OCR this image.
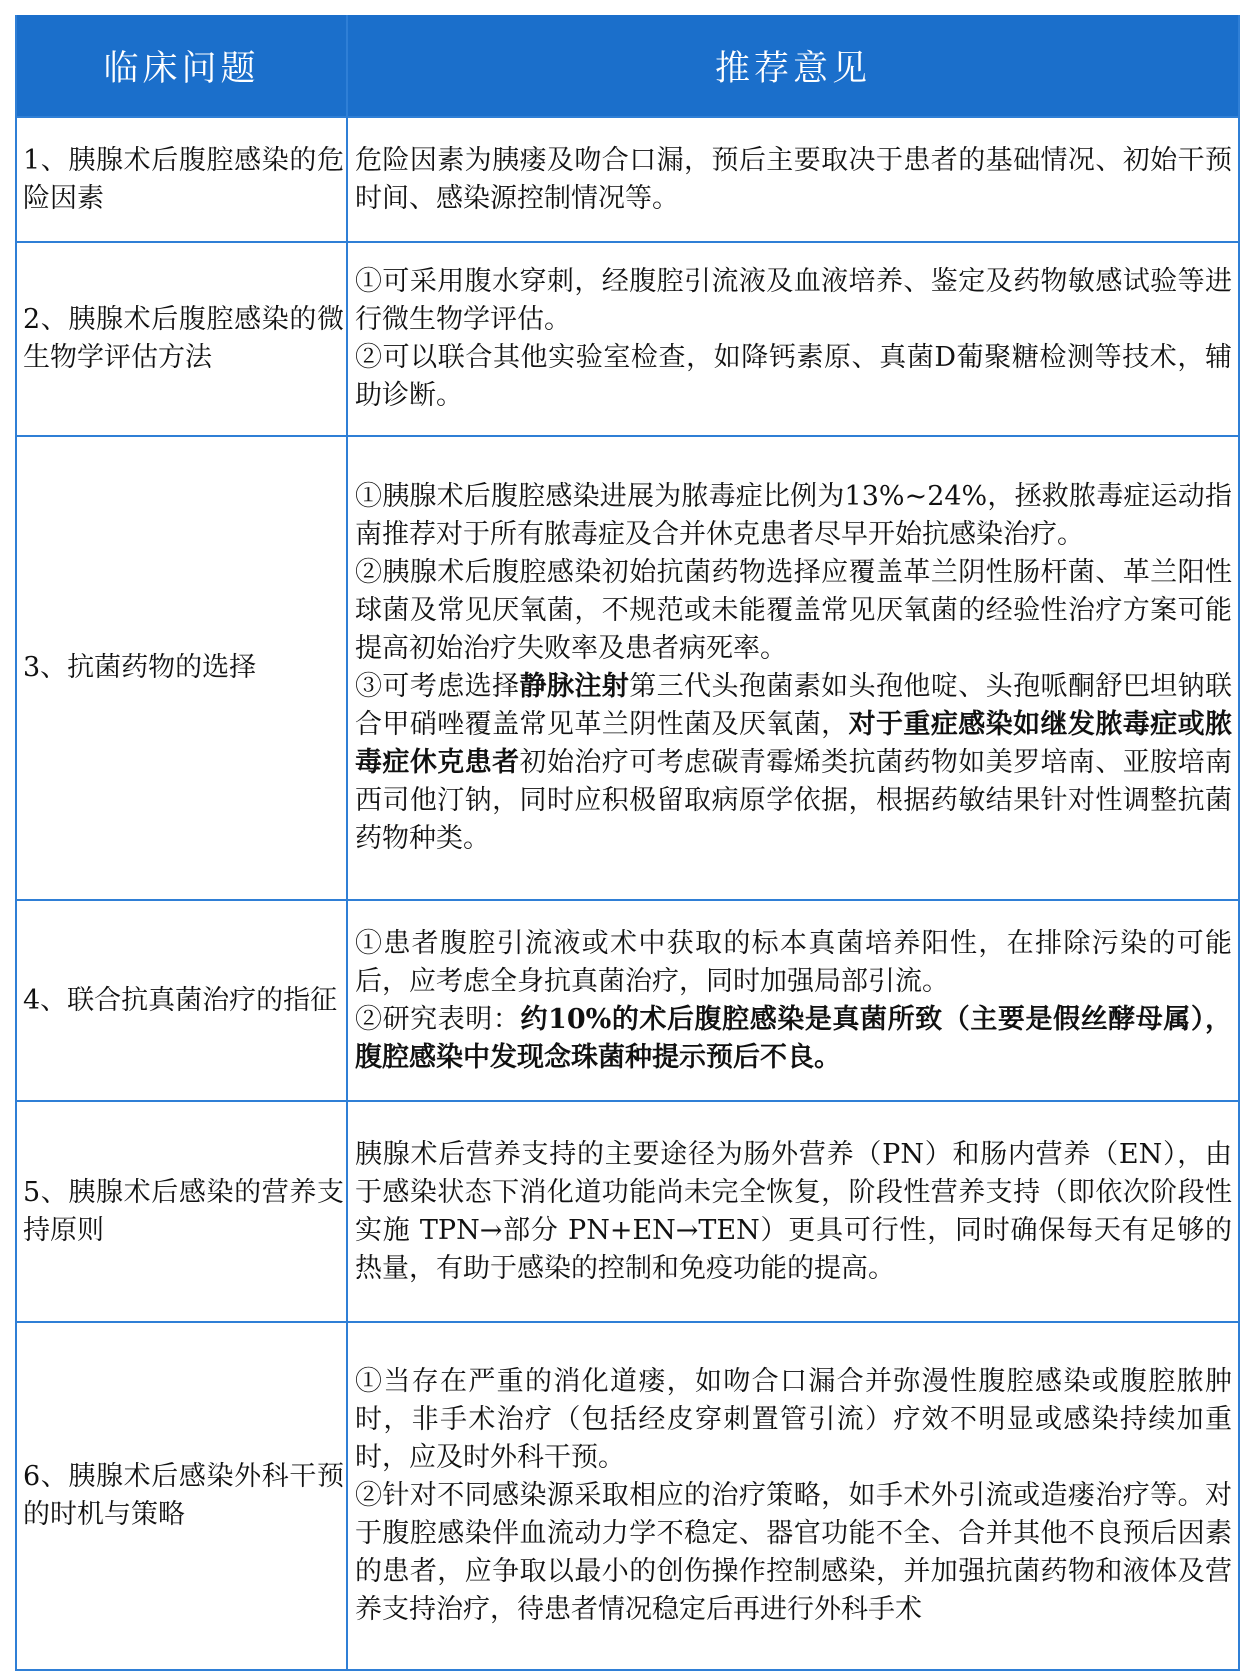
临床问题	推荐意见
1、胰腺术后腹腔感染的危险因素	危险因素为胰瘘及吻合口漏，预后主要取决于患者的基础情况、初始干预时间、感染源控制情况等。

2、胰腺术后腹腔感染的微生物学评估方法	①可采用腹水穿刺，经腹腔引流液及血液培养、鉴定及药物敏感试验等进行微生物学评估。
②可以联合其他实验室检查，如降钙素原、真菌D葡聚糖检测等技术，辅助诊断。

3、抗菌药物的选择	①胰腺术后腹腔感染进展为脓毒症比例为13%~24%，拯救脓毒症运动指南推荐对于所有脓毒症及合并休克患者尽早开始抗感染治疗。
②胰腺术后腹腔感染初始抗菌药物选择应覆盖革兰阴性肠杆菌、革兰阳性球菌及常见厌氧菌，不规范或未能覆盖常见厌氧菌的经验性治疗方案可能提高初始治疗失败率及患者病死率。
③可考虑选择静脉注射第三代头孢菌素如头孢他啶、头孢哌酮舒巴坦钠联合甲硝唑覆盖常见革兰阴性菌及厌氧菌，对于重症感染如继发脓毒症或脓毒症休克患者初始治疗可考虑碳青霉烯类抗菌药物如美罗培南、亚胺培南西司他汀钠，同时应积极留取病原学依据，根据药敏结果针对性调整抗菌药物种类。

4、联合抗真菌治疗的指征	①患者腹腔引流液或术中获取的标本真菌培养阳性，在排除污染的可能后，应考虑全身抗真菌治疗，同时加强局部引流。
②研究表明：约10%的术后腹腔感染是真菌所致（主要是假丝酵母属），腹腔感染中发现念珠菌种提示预后不良。

5、胰腺术后感染的营养支持原则	胰腺术后营养支持的主要途径为肠外营养（PN）和肠内营养（EN），由于感染状态下消化道功能尚未完全恢复，阶段性营养支持（即依次阶段性实施 TPN→部分 PN+EN→TEN）更具可行性，同时确保每天有足够的热量，有助于感染的控制和免疫功能的提高。

6、胰腺术后感染外科干预的时机与策略	①当存在严重的消化道瘘，如吻合口漏合并弥漫性腹腔感染或腹腔脓肿时，非手术治疗（包括经皮穿刺置管引流）疗效不明显或感染持续加重时，应及时外科干预。
②针对不同感染源采取相应的治疗策略，如手术外引流或造瘘治疗等。对于腹腔感染伴血流动力学不稳定、器官功能不全、合并其他不良预后因素的患者，应争取以最小的创伤操作控制感染，并加强抗菌药物和液体及营养支持治疗，待患者情况稳定后再进行外科手术
